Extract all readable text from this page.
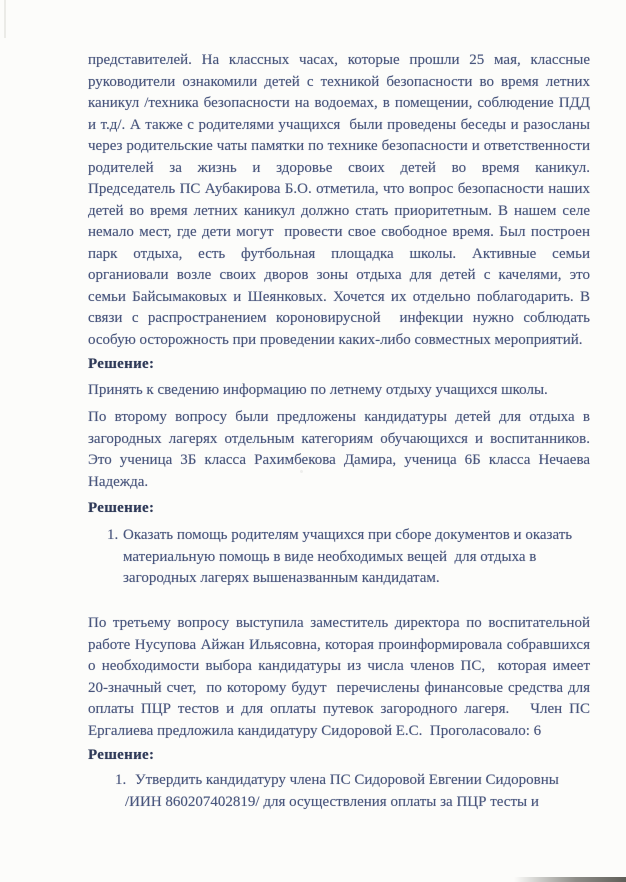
представителей. На классных часах, которые прошли 25 мая, классные
руководители ознакомили детей с техникой безопасности во время летних
каникул /техника безопасности на водоемах, в помещении, соблюдение ПДД
и т.д/. А также с родителями учащихся  были проведены беседы и разосланы
через родительские чаты памятки по технике безопасности и ответственности
родителей за жизнь и здоровье своих детей во время каникул.
Председатель ПС Аубакирова Б.О. отметила, что вопрос безопасности наших
детей во время летних каникул должно стать приоритетным. В нашем селе
немало мест, где дети могут  провести свое свободное время. Был построен
парк отдыха, есть футбольная площадка школы. Активные семьи
органиовали возле своих дворов зоны отдыха для детей с качелями, это
семьи Байсымаковых и Шеянковых. Хочется их отдельно поблагодарить. В
связи с распространением короновирусной  инфекции нужно соблюдать
особую осторожность при проведении каких-либо совместных мероприятий.
Решение:
Принять к сведению информацию по летнему отдыху учащихся школы.
По второму вопросу были предложены кандидатуры детей для отдыха в
загородных лагерях отдельным категориям обучающихся и воспитанников.
Это ученица 3Б класса Рахимбекова Дамира, ученица 6Б класса Нечаева
Надежда.
Решение:
1. Оказать помощь родителям учащихся при сборе документов и оказать
материальную помощь в виде необходимых вещей  для отдыха в
загородных лагерях вышеназванным кандидатам.
По третьему вопросу выступила заместитель директора по воспитательной
работе Нусупова Айжан Ильясовна, которая проинформировала собравшихся
о необходимости выбора кандидатуры из числа членов ПС,  которая имеет
20-значный счет,  по которому будут  перечислены финансовые средства для
оплаты ПЦР тестов и для оплаты путевок загородного лагеря.   Член ПС
Ергалиева предложила кандидатуру Сидоровой Е.С.  Проголасовало: 6
Решение:
1. Утвердить кандидатуру члена ПС Сидоровой Евгении Сидоровны
/ИИН 860207402819/ для осуществления оплаты за ПЦР тесты и
